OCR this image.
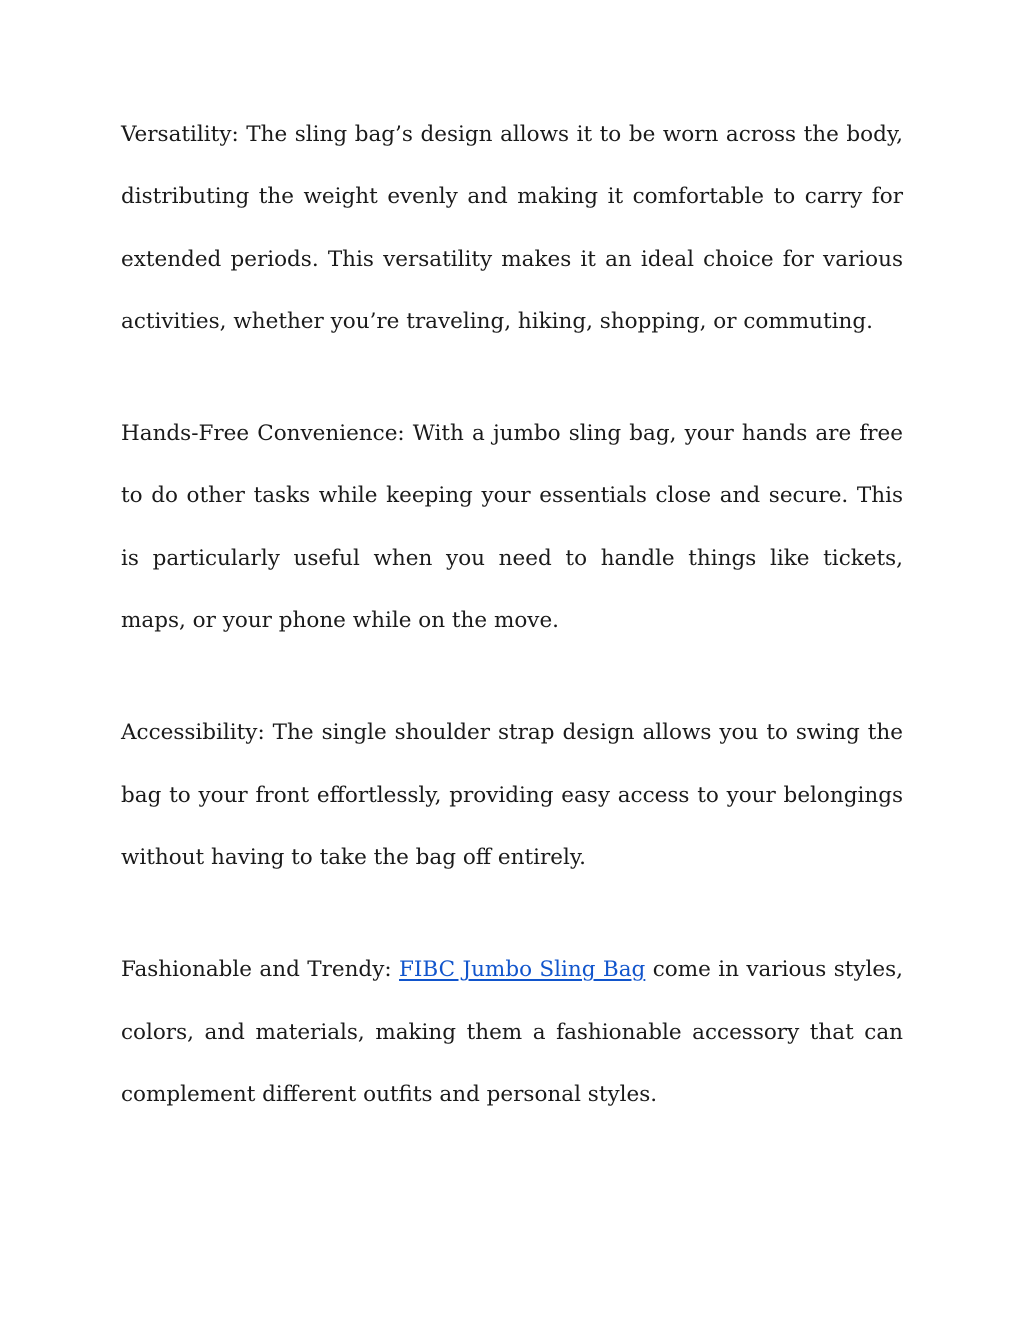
Versatility: The sling bag’s design allows it to be worn across the body, distributing the weight evenly and making it comfortable to carry for extended periods. This versatility makes it an ideal choice for various activities, whether you’re traveling, hiking, shopping, or commuting.

Hands-Free Convenience: With a jumbo sling bag, your hands are free to do other tasks while keeping your essentials close and secure. This is particularly useful when you need to handle things like tickets, maps, or your phone while on the move.

Accessibility: The single shoulder strap design allows you to swing the bag to your front effortlessly, providing easy access to your belongings without having to take the bag off entirely.

Fashionable and Trendy: FIBC Jumbo Sling Bag come in various styles, colors, and materials, making them a fashionable accessory that can complement different outfits and personal styles.
